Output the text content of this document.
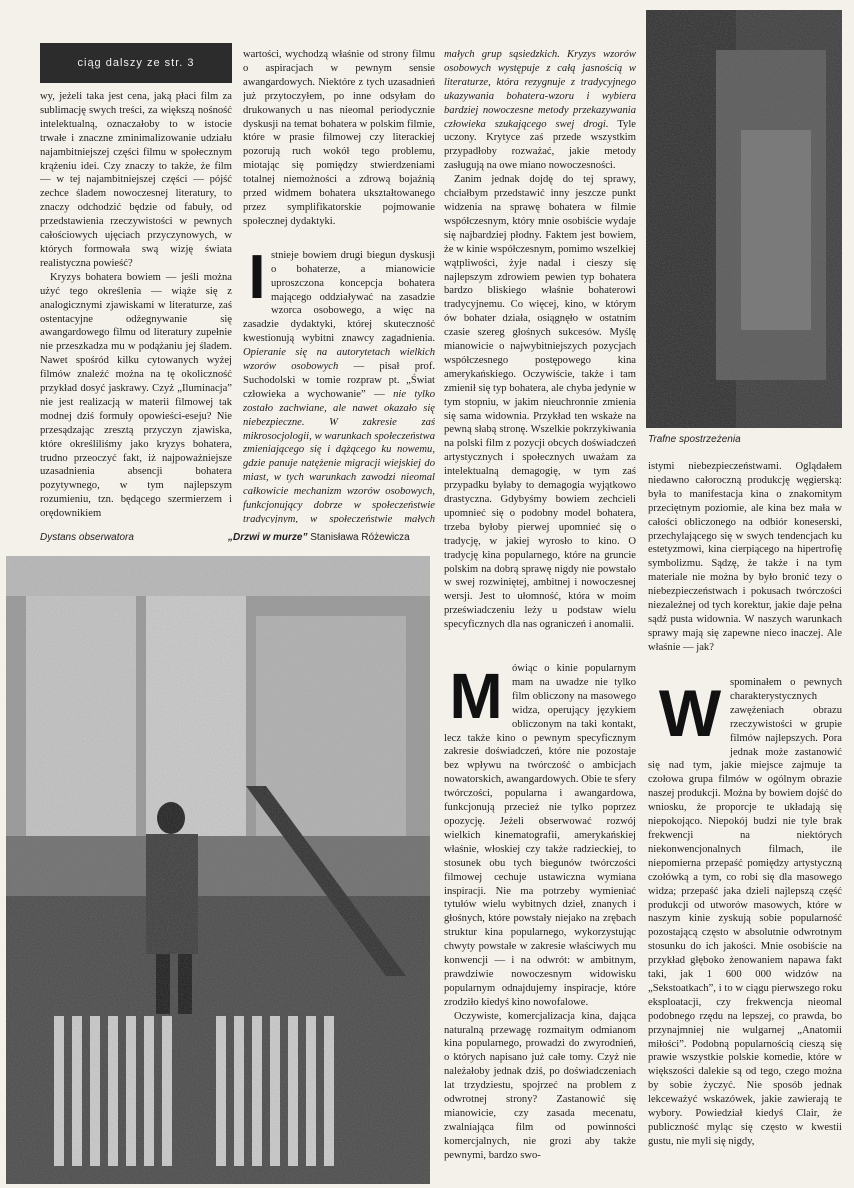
Trafne spostrzeżenia
ciąg dalszy ze str. 3

wy, jeżeli taka jest cena, jaką płaci film za sublimację swych treści, za większą nośność intelektualną, oznaczałoby to w istocie trwałe i znaczne zminimalizowanie udziału najambitniejszej części filmu w społecznym krążeniu idei. Czy znaczy to także, że film — w tej najambitniejszej części — pójść zechce śladem nowoczesnej literatury, to znaczy odchodzić będzie od fabuły, od przedstawienia rzeczywistości w pewnych całościowych ujęciach przyczynowych, w których formowała swą wizję świata realistyczna powieść?

Kryzys bohatera bowiem — jeśli można użyć tego określenia — wiąże się z analogicznymi zjawiskami w literaturze, zaś ostentacyjne odżegnywanie się awangardowego filmu od literatury zupełnie nie przeszkadza mu w podążaniu jej śladem. Nawet spośród kilku cytowanych wyżej filmów znaleźć można na tę okoliczność przykład dosyć jaskrawy. Czyż „Iluminacja” nie jest realizacją w materii filmowej tak modnej dziś formuły opowieści-eseju? Nie przesądzając zresztą przyczyn zjawiska, które określiliśmy jako kryzys bohatera, trudno przeoczyć fakt, iż najpoważniejsze uzasadnienia absencji bohatera pozytywnego, w tym najlepszym rozumieniu, tzn. będącego szermierzem i orędownikiem

wartości, wychodzą właśnie od strony filmu o aspiracjach w pewnym sensie awangardowych. Niektóre z tych uzasadnień już przytoczyłem, po inne odsyłam do drukowanych u nas nieomal periodycznie dyskusji na temat bohatera w polskim filmie, które w prasie filmowej czy literackiej pozorują ruch wokół tego problemu, miotając się pomiędzy stwierdzeniami totalnej niemożności a zdrową bojaźnią przed widmem bohatera ukształtowanego przez symplifikatorskie pojmowanie społecznej dydaktyki.

stnieje bowiem drugi biegun dyskusji o bohaterze, a mianowicie uproszczona koncepcja bohatera mającego oddziaływać na zasadzie wzorca osobowego, a więc na zasadzie dydaktyki, której skuteczność kwestionują wybitni znawcy zagadnienia. Opieranie się na autorytetach wielkich wzorów osobowych — pisał prof. Suchodolski w tomie rozpraw pt. „Świat człowieka a wychowanie” — nie tylko zostało zachwiane, ale nawet okazało się niebezpieczne. W zakresie zaś mikrosocjologii, w warunkach społeczeństwa zmieniającego się i dążącego ku nowemu, gdzie panuje natężenie migracji wiejskiej do miast, w tych warunkach zawodzi nieomal całkowicie mechanizm wzorów osobowych, funkcjonujący dobrze w społeczeństwie tradycyjnym, w społeczeństwie małych

I

małych grup sąsiedzkich. Kryzys wzorów osobowych występuje z całą jasnością w literaturze, która rezygnuje z tradycyjnego ukazywania bohatera-wzoru i wybiera bardziej nowoczesne metody przekazywania człowieka szukającego swej drogi. Tyle uczony. Krytyce zaś przede wszystkim przypadłoby rozważać, jakie metody zasługują na owe miano nowoczesności.

Zanim jednak dojdę do tej sprawy, chciałbym przedstawić inny jeszcze punkt widzenia na sprawę bohatera w filmie współczesnym, który mnie osobiście wydaje się najbardziej płodny. Faktem jest bowiem, że w kinie współczesnym, pomimo wszelkiej wątpliwości, żyje nadal i cieszy się najlepszym zdrowiem pewien typ bohatera bardzo bliskiego właśnie bohaterowi tradycyjnemu. Co więcej, kino, w którym ów bohater działa, osiągnęło w ostatnim czasie szereg głośnych sukcesów. Myślę mianowicie o najwybitniejszych pozycjach współczesnego postępowego kina amerykańskiego. Oczywiście, także i tam zmienił się typ bohatera, ale chyba jedynie w tym stopniu, w jakim nieuchronnie zmienia się sama widownia. Przykład ten wskaże na pewną słabą stronę. Wszelkie pokrzykiwania na polski film z pozycji obcych doświadczeń artystycznych i społecznych uważam za intelektualną demagogię, w tym zaś przypadku byłaby to demagogia wyjątkowo drastyczna. Gdybyśmy bowiem zechcieli upomnieć się o podobny model bohatera, trzeba byłoby pierwej upomnieć się o tradycję, w jakiej wyrosło to kino. O tradycję kina popularnego, które na gruncie polskim na dobrą sprawę nigdy nie powstało w swej rozwiniętej, ambitnej i nowoczesnej wersji. Jest to ułomność, która w moim przeświadczeniu leży u podstaw wielu specyficznych dla nas ograniczeń i anomalii.

Dystans obserwatora	„Drzwi w murze” Stanisława Różewicza
M ówiąc o kinie popularnym mam na uwadze nie tylko film obliczony na masowego widza, operujący językiem obliczonym na taki kontakt, lecz także kino o pewnym specyficznym zakresie doświadczeń, które nie pozostaje bez wpływu na twórczość o ambicjach nowatorskich, awangardowych. Obie te sfery twórczości, popularna i awangardowa, funkcjonują przecież nie tylko poprzez opozycję. Jeżeli obserwować rozwój wielkich kinematografii, amerykańskiej właśnie, włoskiej czy także radzieckiej, to stosunek obu tych biegunów twórczości filmowej cechuje ustawiczna wymiana inspiracji. Nie ma potrzeby wymieniać tytułów wielu wybitnych dzieł, znanych i głośnych, które powstały niejako na zrębach struktur kina popularnego, wykorzystując chwyty powstałe w zakresie właściwych mu konwencji — i na odwrót: w ambitnym, prawdziwie nowoczesnym widowisku popularnym odnajdujemy inspiracje, które zrodziło kiedyś kino nowofalowe.

Oczywiste, komercjalizacja kina, dająca naturalną przewagę rozmaitym odmianom kina popularnego, prowadzi do zwyrodnień, o których napisano już całe tomy. Czyż nie należałoby jednak dziś, po doświadczeniach lat trzydziestu, spojrzeć na problem z odwrotnej strony? Zastanowić się mianowicie, czy zasada mecenatu, zwalniająca film od powinności komercjalnych, nie grozi aby także pewnymi, bardzo swo-

istymi niebezpieczeństwami. Oglądałem niedawno całoroczną produkcję węgierską: była to manifestacja kina o znakomitym przeciętnym poziomie, ale kina bez mała w całości obliczonego na odbiór koneserski, przechylającego się w swych tendencjach ku estetyzmowi, kina cierpiącego na hipertrofię symbolizmu. Sądzę, że także i na tym materiale nie można by było bronić tezy o niebezpieczeństwach i pokusach twórczości niezależnej od tych korektur, jakie daje pełna sądź pusta widownia. W naszych warunkach sprawy mają się zapewne nieco inaczej. Ale właśnie — jak?

W spominałem o pewnych charakterystycznych zawężeniach obrazu rzeczywistości w grupie filmów najlepszych. Pora jednak może zastanowić się nad tym, jakie miejsce zajmuje ta czołowa grupa filmów w ogólnym obrazie naszej produkcji. Można by bowiem dojść do wniosku, że proporcje te układają się niepokojąco. Niepokój budzi nie tyle brak frekwencji na niektórych niekonwencjonalnych filmach, ile niepomierna przepaść pomiędzy artystyczną czołówką a tym, co robi się dla masowego widza; przepaść jaka dzieli najlepszą część produkcji od utworów masowych, które w naszym kinie zyskują sobie popularność pozostającą często w absolutnie odwrotnym stosunku do ich jakości. Mnie osobiście na przykład głęboko żenowaniem napawa fakt taki, jak 1 600 000 widzów na „Sekstoatkach”, i to w ciągu pierwszego roku eksploatacji, czy frekwencja nieomal podobnego rzędu na lepszej, co prawda, bo przynajmniej nie wulgarnej „Anatomii miłości”. Podobną popularnością cieszą się prawie wszystkie polskie komedie, które w większości dalekie są od tego, czego można by sobie życzyć. Nie sposób jednak lekceważyć wskazówek, jakie zawierają te wybory. Powiedział kiedyś Clair, że publiczność myląc się często w kwestii gustu, nie myli się nigdy,
